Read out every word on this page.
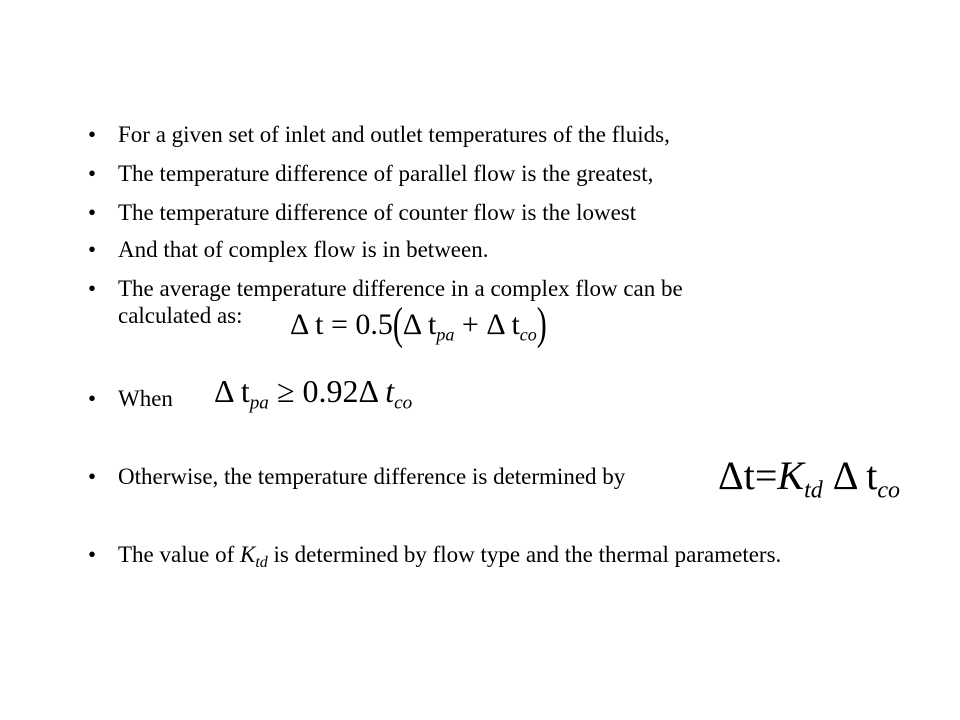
• For a given set of inlet and outlet temperatures of the fluids,
• The temperature difference of parallel flow is the greatest,
• The temperature difference of counter flow is the lowest
• And that of complex flow is in between.
• The average temperature difference in a complex flow can be calculated as:	Δ t = 0.5(Δ $t_{pa} + \Delta$ $t_{co}$)
• When Δ $t_{pa} \ge 0.92\Delta$ $t_{co}$
• Otherwise, the temperature difference is determined by $\Delta t=K_{td}$ Δ $t_{co}$
• The value of $K_{td}$ is determined by flow type and the thermal parameters.
